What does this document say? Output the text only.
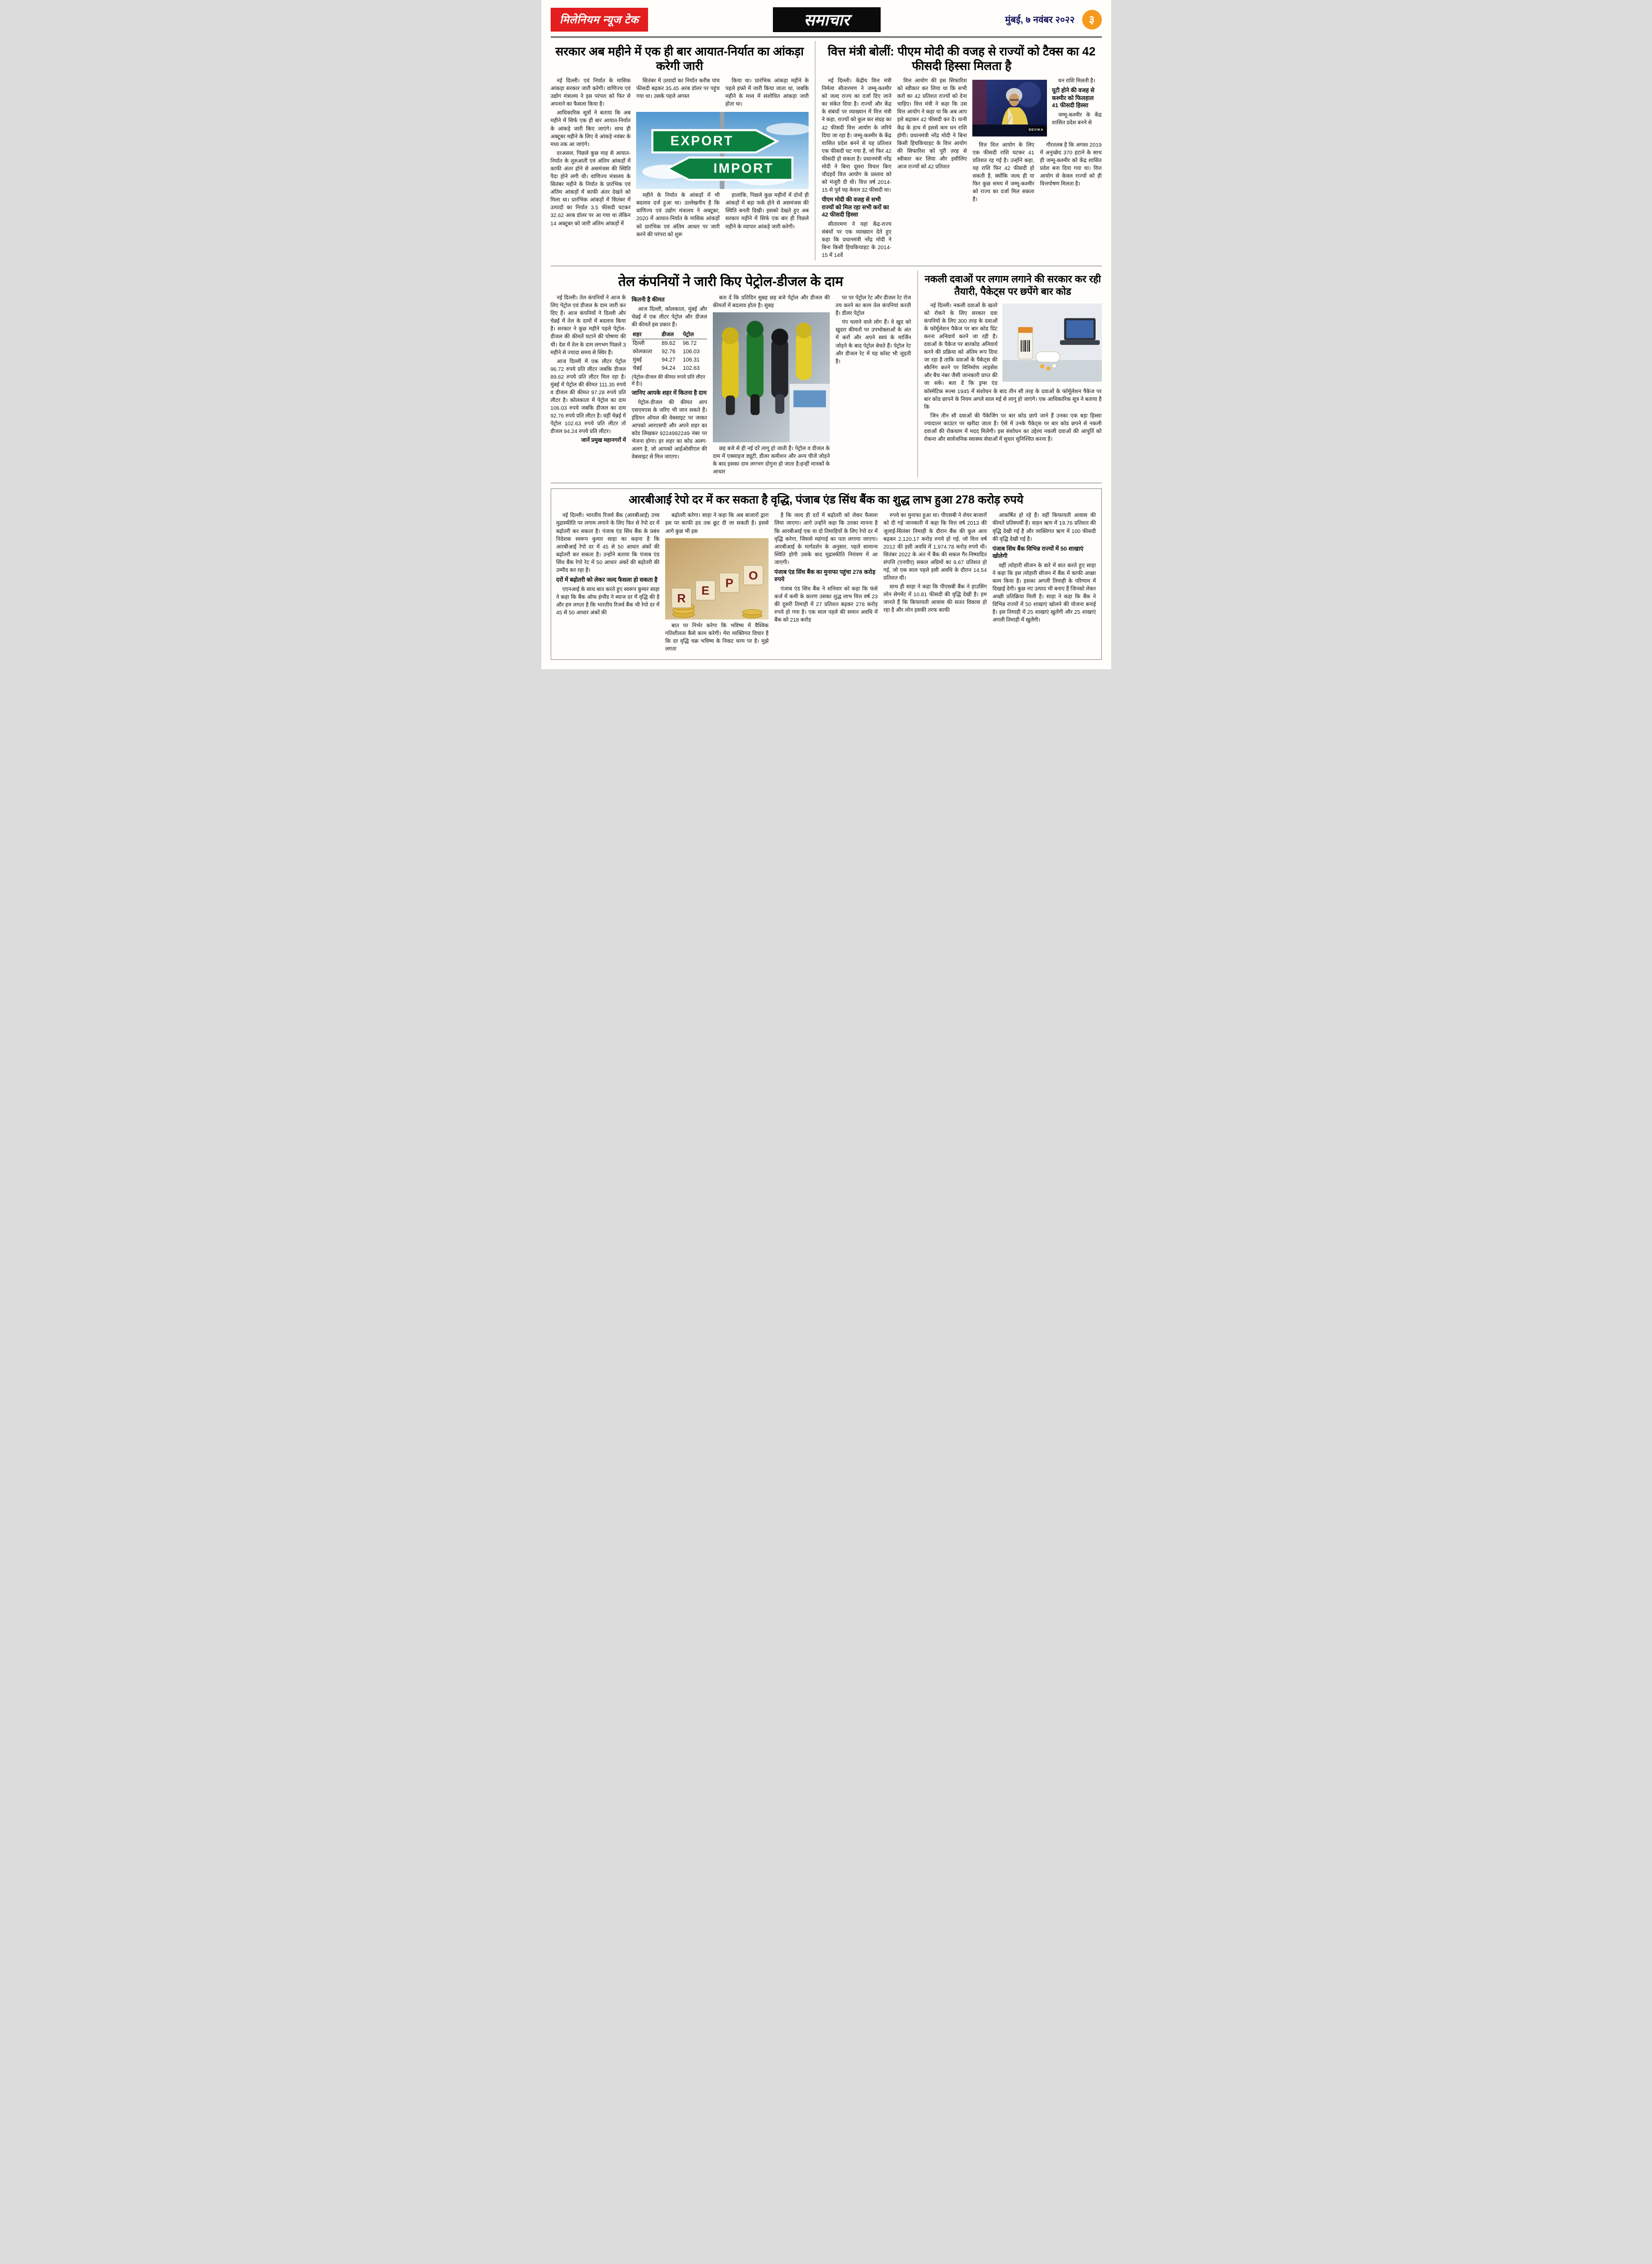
मिलेनियम न्यूज टेक	समाचार	मुंबई, ७ नवंबर २०२२	३
सरकार अब महीने में एक ही बार आयात-निर्यात का आंकड़ा करेगी जारी

नई दिल्ली। एवं निर्यात के मासिक आंकड़ा सरकार जारी करेगी। वाणिज्य एवं उद्योग मंत्रालय ने इस परंपरा को फिर से अपनाने का फैसला किया है।

आधिकारिक सूत्रों ने बताया कि अब महीने में सिर्फ एक ही बार आयात-निर्यात के आंकड़े जारी किए जाएंगे। साथ ही अक्टूबर महीने के लिए ये आंकड़े नवंबर के मध्य तक आ जाएंगे।

दरअसल, पिछले कुछ माह से आयात-निर्यात के शुरुआती एवं अंतिम आंकड़ों में काफी अंतर होने से असमंजस की स्थिति पैदा होने लगी थी। वाणिज्य मंत्रालय के सितंबर महीने के निर्यात के प्रारंभिक एवं अंतिम आंकड़ों में काफी अंतर देखने को मिला था। प्रारंभिक आंकड़ों में सितंबर में उत्पादों का निर्यात 3.5 फीसदी घटकर 32.62 अरब डॉलर पर आ गया था लेकिन 14 अक्टूबर को जारी अंतिम आंकड़ों में

सितंबर में उत्पादों का निर्यात करीब पांच फीसदी बढ़कर 35.45 अरब डॉलर पर पहुंच गया था। उसके पहले अगस्त

किया था। प्रारंभिक आंकड़ा महीने के पहले हफ्ते में जारी किया जाता था, जबकि महीने के मध्य में संशोधित आंकड़ा जारी होता था।

EXPORT
IMPORT

महीने के निर्यात के आंकड़ों में भी बदलाव दर्ज हुआ था। उल्लेखनीय है कि वाणिज्य एवं उद्योग मंत्रालय ने अक्टूबर, 2020 में आयात-निर्यात के मासिक आंकड़ों को प्रारंभिक एवं अंतिम आधार पर जारी करने की परंपरा को शुरू

हालांकि, पिछले कुछ महीनों में दोनों ही आंकड़ों में बड़ा फर्क होने से असमंजस की स्थिति बनती दिखी। इसको देखते हुए अब सरकार महीने में सिर्फ एक बार ही पिछले महीने के व्यापार आंकड़े जारी करेगी।

वित्त मंत्री बोलीं: पीएम मोदी की वजह से राज्यों को टैक्स का 42 फीसदी हिस्सा मिलता है

नई दिल्ली। केंद्रीय वित्त मंत्री निर्मला सीतारमण ने जम्मू-कश्मीर को जल्द राज्य का दर्जा दिए जाने का संकेत दिया है। राज्यों और केंद्र के संबंधों पर व्याख्यान में वित्त मंत्री ने कहा, राज्यों को कुल कर संग्रह का 42 फीसदी वित्त आयोग के जरिये दिया जा रहा है। जम्मू-कश्मीर के केंद्र शासित प्रदेश बनने से यह प्रतिशत एक फीसदी घट गया है, जो फिर 42 फीसदी हो सकता है। प्रधानमंत्री नरेंद्र मोदी ने बिना दूसरा विचार किए चौदहवें वित्त आयोग के प्रस्ताव को को मंजूरी दी थी। वित्त वर्ष 2014-15 से पूर्व यह केवल 32 फीसदी था।

पीएम मोदी की वजह से सभी राज्यों को मिल रहा सभी करों का 42 फीसदी हिस्सा

सीतारमण ने यहां केंद्र-राज्य संबंधों पर एक व्याख्यान देते हुए कहा कि प्रधानमंत्री नरेंद्र मोदी ने बिना किसी हिचकिचाहट के 2014-15 में 14वें

वित्त आयोग की इस सिफारिश को स्वीकार कर लिया था कि सभी करों का 42 प्रतिशत राज्यों को देना चाहिए। वित्त मंत्री ने कहा कि उस वित्त आयोग ने कहा था कि अब आप इसे बढ़ाकर 42 फीसदी कर दें। यानी केंद्र के हाथ में इससे कम धन राशि होगी। प्रधानमंत्री नरेंद्र मोदी ने बिना किसी हिचकिचाहट के वित्त आयोग की सिफारिश को पूरी तरह से स्वीकार कर लिया और इसीलिए आज राज्यों को 42 प्रतिशत

DEVIKA

धन राशि मिलती है।

यूटी होने की वजह से कश्मीर को फिलहाल 41 फीसदी हिस्सा

जम्मू-कश्मीर के केंद्र शासित प्रदेश बनने से

वित्त वित्त आयोग के लिए एक फीसदी राशि घटकर 41 प्रतिशत रह गई है। उन्होंने कहा, यह राशि फिर 42 फीसदी हो सकती है, क्योंकि जल्द ही या फिर कुछ समय में जम्मू-कश्मीर को राज्य का दर्जा मिल सकता है।

गौरतलब है कि अगस्त 2019 में अनुच्छेद 370 हटाने के साथ ही जम्मू-कश्मीर को केंद्र शासित प्रदेश बना दिया गया था। वित्त आयोग से केवल राज्यों को ही वित्तपोषण मिलता है।

तेल कंपनियों ने जारी किए पेट्रोल-डीजल के दाम

नई दिल्ली। तेल कंपनियों ने आज के लिए पेट्रोल एवं डीजल के दाम जारी कर दिए हैं। आज कंपनियों ने दिल्ली और चेन्नई में तेल के दामों में बदलाव किया है। सरकार ने कुछ महीने पहले पेट्रोल-डीजल की कीमतें घटाने की घोषणा की थी। देश में तेल के दाम लगभग पिछले 3 महीने से ज्यादा समय से स्थिर हैं।

आज दिल्ली में एक लीटर पेट्रोल 96.72 रुपये प्रति लीटर जबकि डीजल 89.62 रुपये प्रति लीटर मिल रहा है। मुंबई में पेट्रोल की कीमत 111.35 रुपये व डीजल की कीमत 97.28 रुपये प्रति लीटर है। कोलकाता में पेट्रोल का दाम 106.03 रुपये जबकि डीजल का दाम 92.76 रुपये प्रति लीटर है। वहीं चेन्नई में पेट्रोल 102.63 रुपये प्रति लीटर तो डीजल 94.24 रुपये प्रति लीटर।

जानें प्रमुख महानगरों में

कितनी है कीमत

आज दिल्ली, कोलकाता, मुंबई और चेन्नई में एक लीटर पेट्रोल और डीजल की कीमतें इस प्रकार हैं।

शहर	डीजल	पेट्रोल
दिल्ली	89.62	96.72
कोलकाता	92.76	106.03
मुंबई	94.27	106.31
चेन्नई	94.24	102.63

(पेट्रोल-डीजल की कीमत रुपये प्रति लीटर में है।)

जानिए आपके शहर में कितना है दाम

पेट्रोल-डीजल की कीमत आप एसएमएस के जरिए भी जान सकते हैं। इंडियन ऑयल की वेबसाइट पर जाकर आपको आरएसपी और अपने शहर का कोड लिखकर 9224992249 नंबर पर भेजना होगा। हर शहर का कोड अलग-अलग है, जो आपको आईओसीएल की वेबसाइट से मिल जाएगा।

बता दें कि प्रतिदिन सुबह छह बजे पेट्रोल और डीजल की कीमतों में बदलाव होता है। सुबह

छह बजे से ही नई दरें लागू हो जाती हैं। पेट्रोल व डीजल के दाम में एक्साइज ड्यूटी, डीलर कमीशन और अन्य चीजें जोड़ने के बाद इसका दाम लगभग दोगुना हो जाता है।इन्हीं मानकों के आधार

पर पर पेट्रोल रेट और डीजल रेट रोज तय करने का काम तेल कंपनियां करती हैं। डीलर पेट्रोल

पंप चलाने वाले लोग हैं। वे खुद को खुदरा कीमतों पर उपभोक्ताओं के अंत में करों और अपने स्वयं के मार्जिन जोड़ने के बाद पेट्रोल बेचते हैं। पेट्रोल रेट और डीजल रेट में यह कॉस्ट भी जुड़ती है।

नकली दवाओं पर लगाम लगाने की सरकार कर रही तैयारी, पैकेट्स पर छपेंगे बार कोड

नई दिल्ली। नकली दवाओं के खतरे को रोकने के लिए सरकार दवा कंपनियों के लिए 300 तरह के दवाओं के फॉर्मूलेशन पैकेज पर बार कोड प्रिंट करना अनिवार्य करने जा रही है। दवाओं के पैकेज पर बारकोड अनिवार्य करने की प्रक्रिया को अंतिम रूप दिया जा रहा है ताकि दवाओं के पैकेट्स की स्कैनिंग करने पर विनिर्माण लाइसेंस और बैच नंबर जैसी जानकारी प्राप्त की जा सके। बता दें कि ड्रग्स एंड कॉस्मेटिक रूल्स 1945 में संशोधन के बाद तीन सौ तरह के दवाओं के फॉर्मूलेशन पैकेज पर बार कोड छापने के नियम अगले साल मई से लागू हो जाएंगे। एक आधिकारिक सूत्र ने बताया है कि

जिन तीन सौ दवाओं की पैकेजिंग पर बार कोड छापे जाने हैं उनका एक बड़ा हिस्सा ज्यादातर काउंटर पर खरीदा जाता है। ऐसे में उनके पैकेट्स पर बार कोड छपने से नकली दवाओं की रोकथाम में मदद मिलेगी। इस संशोधन का उद्देश्य नकली दवाओं की आपूर्ति को रोकना और सार्वजनिक स्वास्थ्य सेवाओं में सुधार सुनिश्चित करना है।

आरबीआई रेपो दर में कर सकता है वृद्धि, पंजाब एंड सिंध बैंक का शुद्ध लाभ हुआ 278 करोड़ रुपये

नई दिल्ली। भारतीय रिजर्व बैंक (आरबीआई) उच्च मुद्रास्फीति पर लगाम लगाने के लिए फिर से रेपो दर में बढ़ोतरी कर सकता है। पंजाब एंड सिंध बैंक के प्रबंध निदेशक स्वरूप कुमार साहा का कहना है कि आरबीआई रेपो दर में 45 से 50 आधार अंकों की बढ़ोतरी कर सकता है। उन्होंने बताया कि पंजाब एंड सिंध बैंक रेपो रेट में 50 आधार अंकों की बढ़ोतरी की उम्मीद कर रहा है।

दरों में बढ़ोतरी को लेकर जल्द फैसला हो सकता है

एएनआई के साथ बात करते हुए स्वरूप कुमार साहा ने कहा कि बैंक ऑफ इंग्लैंड ने ब्याज दर में वृद्धि की है और हम लगता है कि भारतीय रिजर्व बैंक भी रेपो दर में 45 से 50 आधार अंकों की

बढ़ोतरी करेगा। साहा ने कहा कि अब बाजारों द्वारा इस पर काफी हद तक छूट दी जा सकती है। इससे आगे कुछ भी इस

R
E
P
O

बात पर निर्भर करेगा कि भविष्य में वैश्विक गतिशीलता कैसे काम करेगी। मेरा व्यक्तिगत विचार है कि दर वृद्धि चक्र भविष्य के निकट चरम पर है। मुझे लगता

है कि जल्द ही दरों में बढ़ोतरी को लेकर फैसला लिया जाएगा। आगे उन्होंने कहा कि उनका मानना है कि आरबीआई एक या दो तिमाहियों के लिए रेपो दर में वृद्धि करेगा, जिससे महंगाई का पता लगाया जाएगा। आरबीआई के मार्गदर्शन के अनुसार, पहले सामान्य स्थिति होगी उसके बाद मुद्रास्फीति नियंत्रण में आ जाएगी।

पंजाब एंड सिंध बैंक का मुनाफा पहुंचा 278 करोड़ रुपये

पंजाब एंड सिंध बैंक ने शनिवार को कहा कि फंसे कर्ज में कमी के कारण उसका शुद्ध लाभ वित्त वर्ष 23 की दूसरी तिमाही में 27 प्रतिशत बढ़कर 278 करोड़ रुपये हो गया है। एक साल पहले की समान अवधि में बैंक को 218 करोड़

रुपये का मुनाफा हुआ था। पीएसबी ने शेयर बाजारों को दी गई जानकारी में कहा कि वित्त वर्ष 2013 की जुलाई-सितंबर तिमाही के दौरान बैंक की कुल आय बढ़कर 2,120.17 करोड़ रुपये हो गई, जो वित्त वर्ष 2012 की इसी अवधि में 1,974.78 करोड़ रुपये थी। सितंबर 2022 के अंत में बैंक की सकल गैर-निष्पादित संपत्ति (एनपीए) सकल अग्रिमों का 9.67 प्रतिशत हो गई, जो एक साल पहले इसी अवधि के दौरान 14.54 प्रतिशत थी।

साथ ही साहा ने कहा कि पीएसबी बैंक ने हाउसिंग लोन सेगमेंट में 10.81 फीसदी की वृद्धि देखी है। हम जानते हैं कि किफायती आवास की सतत विकास हो रहा है और लोन इसकी तरफ काफी

आकर्षित हो रहे हैं। वहीं किफायती आवास की कीमतें प्रतिस्पर्धी हैं। वाहन ऋण में 19.76 प्रतिशत की वृद्धि देखी गई है और व्यक्तिगत ऋण में 100 फीसदी की वृद्धि देखी गई है।

पंजाब सिंध बैंक विभिन्न राज्यों में 50 शाखाएं खोलेगी

वहीं त्योहारी सीजन के बारे में बात करते हुए साहा ने कहा कि इस त्योहारी सीजन में बैंक में काफी अच्छा काम किया है। इसका अगली तिमाही के परिणाम में दिखाई देगी। कुछ नए उत्पाद भी बनाए हैं जिनको लेकर अच्छी प्रतिक्रिया मिली है। साहा ने कहा कि बैंक ने विभिन्न राज्यों में 50 शाखाएं खोलने की योजना बनाई है। इस तिमाही में 25 शाखाएं खुलेंगी और 25 शाखाएं अगली तिमाही में खुलेंगी।
